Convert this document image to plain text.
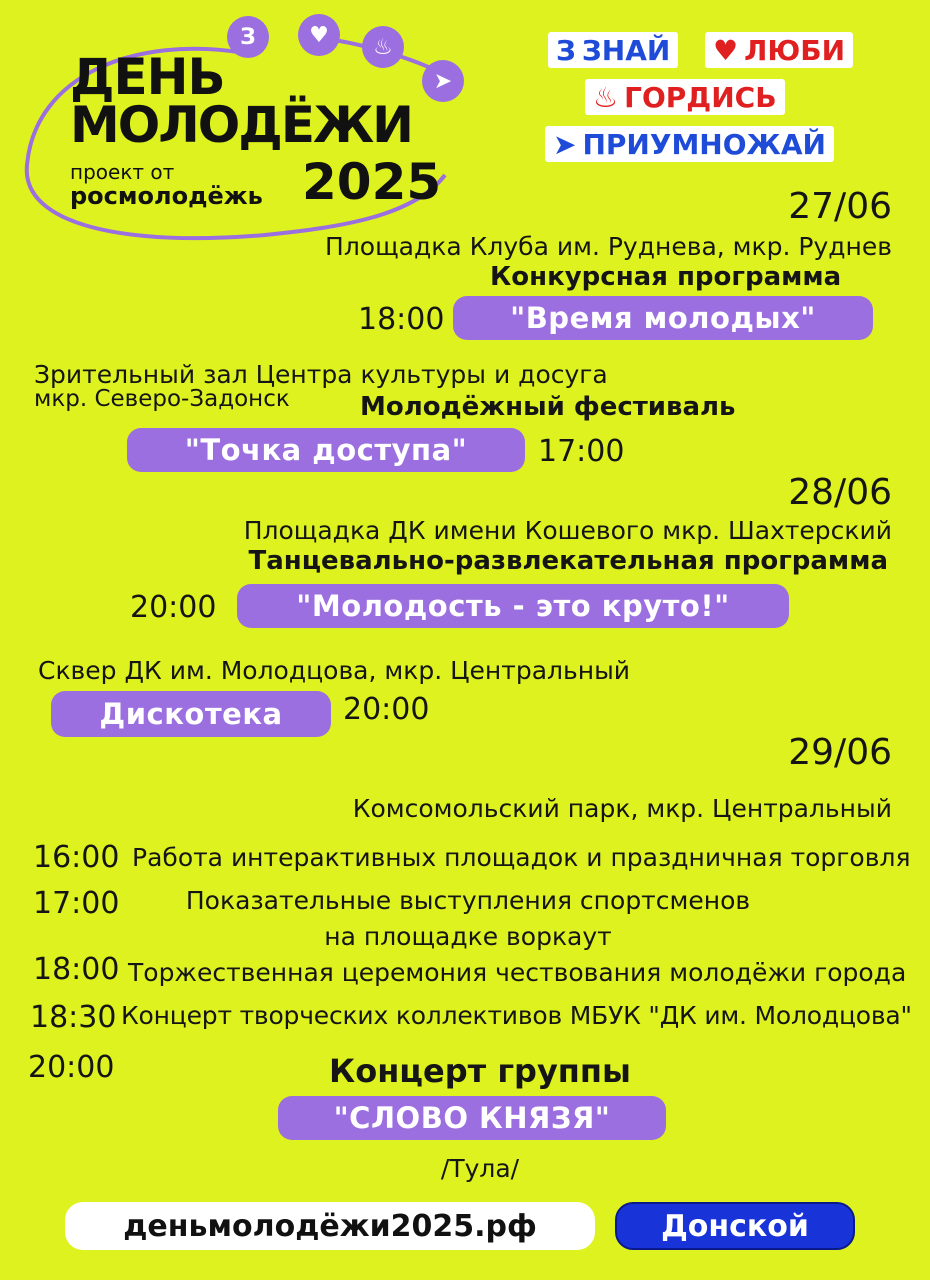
З	♥	♨
➤
ДЕНЬ
МОЛОДЁЖИ
проект от
росмолодёжь 2025
З ЗНАЙ ♥ ЛЮБИ
♨ ГОРДИСЬ
➤ ПРИУМНОЖАЙ
27/06
Площадка Клуба им. Руднева, мкр. Руднев
Конкурсная программа
18:00	"Время молодых"
Зрительный зал Центра культуры и досуга
мкр. Северо-Задонск	Молодёжный фестиваль
"Точка доступа"	17:00
28/06
Площадка ДК имени Кошевого мкр. Шахтерский
Танцевально-развлекательная программа
20:00	"Молодость - это круто!"
Сквер ДК им. Молодцова, мкр. Центральный
Дискотека	20:00
29/06
Комсомольский парк, мкр. Центральный
16:00 Работа интерактивных площадок и праздничная торговля
17:00	Показательные выступления спортсменов
на площадке воркаут
18:00 Торжественная церемония чествования молодёжи города
18:30 Концерт творческих коллективов МБУК "ДК им. Молодцова"
20:00	Концерт группы
"СЛОВО КНЯЗЯ"
/Тула/
деньмолодёжи2025.рф	Донской
